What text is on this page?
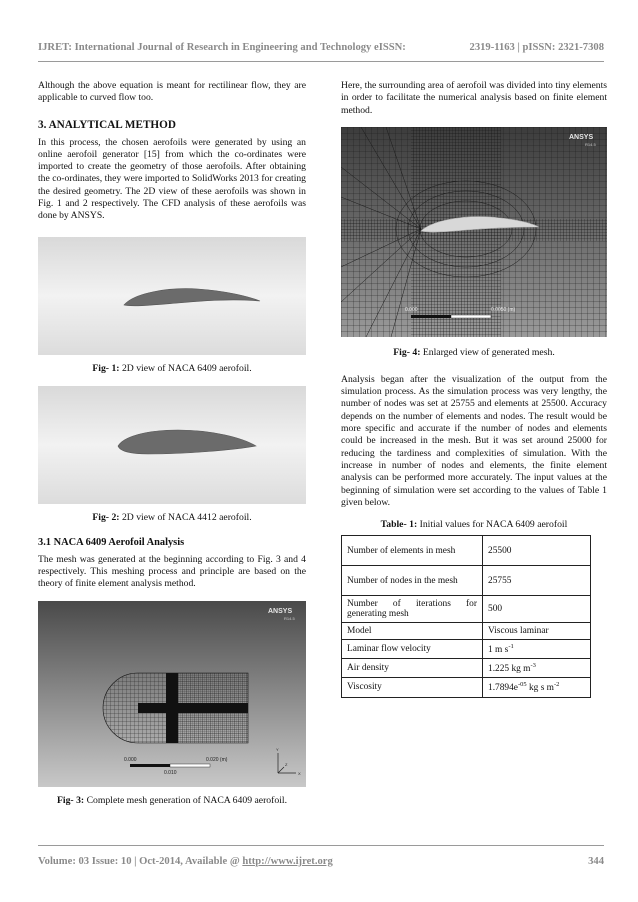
IJRET: International Journal of Research in Engineering and Technology eISSN:	2319-1163 | pISSN: 2321-7308

Although the above equation is meant for rectilinear flow, they are applicable to curved flow too.

3. ANALYTICAL METHOD

In this process, the chosen aerofoils were generated by using an online aerofoil generator [15] from which the co-ordinates were imported to create the geometry of those aerofoils. After obtaining the co-ordinates, they were imported to SolidWorks 2013 for creating the desired geometry. The 2D view of these aerofoils was shown in Fig. 1 and 2 respectively. The CFD analysis of these aerofoils was done by ANSYS.

Fig- 1: 2D view of NACA 6409 aerofoil.
Fig- 2: 2D view of NACA 4412 aerofoil.
3.1 NACA 6409 Aerofoil Analysis

The mesh was generated at the beginning according to Fig. 3 and 4 respectively. This meshing process and principle are based on the theory of finite element analysis method.

0.000	0.020 (m)
0.010
ANSYS
R14.5
Y
X
Z
Fig- 3: Complete mesh generation of NACA 6409 aerofoil.

Here, the surrounding area of aerofoil was divided into tiny elements in order to facilitate the numerical analysis based on finite element method.

0.000	0.0050 (m)
ANSYS
R14.5
Fig- 4: Enlarged view of generated mesh.

Analysis began after the visualization of the output from the simulation process. As the simulation process was very lengthy, the number of nodes was set at 25755 and elements at 25500. Accuracy depends on the number of elements and nodes. The result would be more specific and accurate if the number of nodes and elements could be increased in the mesh. But it was set around 25000 for reducing the tardiness and complexities of simulation. With the increase in number of nodes and elements, the finite element analysis can be performed more accurately. The input values at the beginning of simulation were set according to the values of Table 1 given below.

Table- 1: Initial values for NACA 6409 aerofoil
Number of elements in mesh	25500
Number of nodes in the mesh	25755
Number of iterations for generating mesh	500
Model	Viscous laminar
Laminar flow velocity	1 m $s^{-1}$
Air density	1.225 kg $m^{-3}$
Viscosity	$1.7894e^{-05}$ kg s $m^{-2}$
Volume: 03 Issue: 10 | Oct-2014, Available @ http://www.ijret.org	344
